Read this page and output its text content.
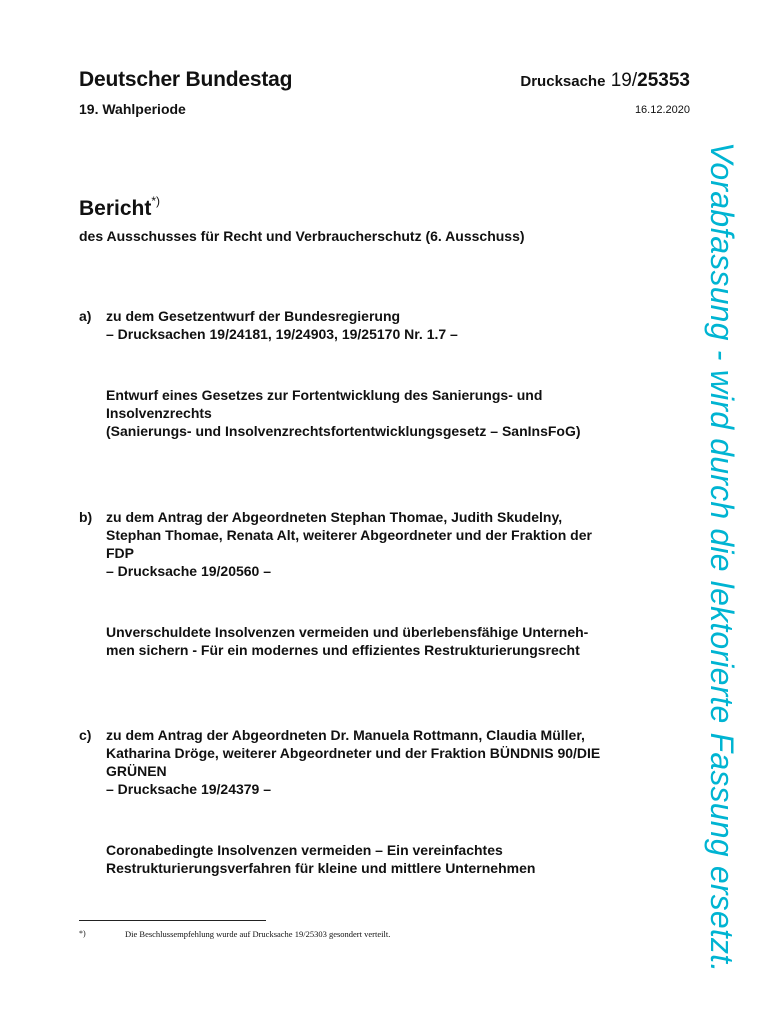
Deutscher Bundestag
19. Wahlperiode
Drucksache 19/25353
16.12.2020
Bericht*)
des Ausschusses für Recht und Verbraucherschutz (6. Ausschuss)
a) zu dem Gesetzentwurf der Bundesregierung
– Drucksachen 19/24181, 19/24903, 19/25170 Nr. 1.7 –
Entwurf eines Gesetzes zur Fortentwicklung des Sanierungs- und
Insolvenzrechts
(Sanierungs- und Insolvenzrechtsfortentwicklungsgesetz – SanInsFoG)
b) zu dem Antrag der Abgeordneten Stephan Thomae, Judith Skudelny,
Stephan Thomae, Renata Alt, weiterer Abgeordneter und der Fraktion der
FDP
– Drucksache 19/20560 –
Unverschuldete Insolvenzen vermeiden und überlebensfähige Unterneh-
men sichern - Für ein modernes und effizientes Restrukturierungsrecht
c) zu dem Antrag der Abgeordneten Dr. Manuela Rottmann, Claudia Müller,
Katharina Dröge, weiterer Abgeordneter und der Fraktion BÜNDNIS 90/DIE
GRÜNEN
– Drucksache 19/24379 –
Coronabedingte Insolvenzen vermeiden – Ein vereinfachtes
Restrukturierungsverfahren für kleine und mittlere Unternehmen
*)	Die Beschlussempfehlung wurde auf Drucksache 19/25303 gesondert verteilt.	Vorabfassung - wird durch die lektorierte Fassung ersetzt.
